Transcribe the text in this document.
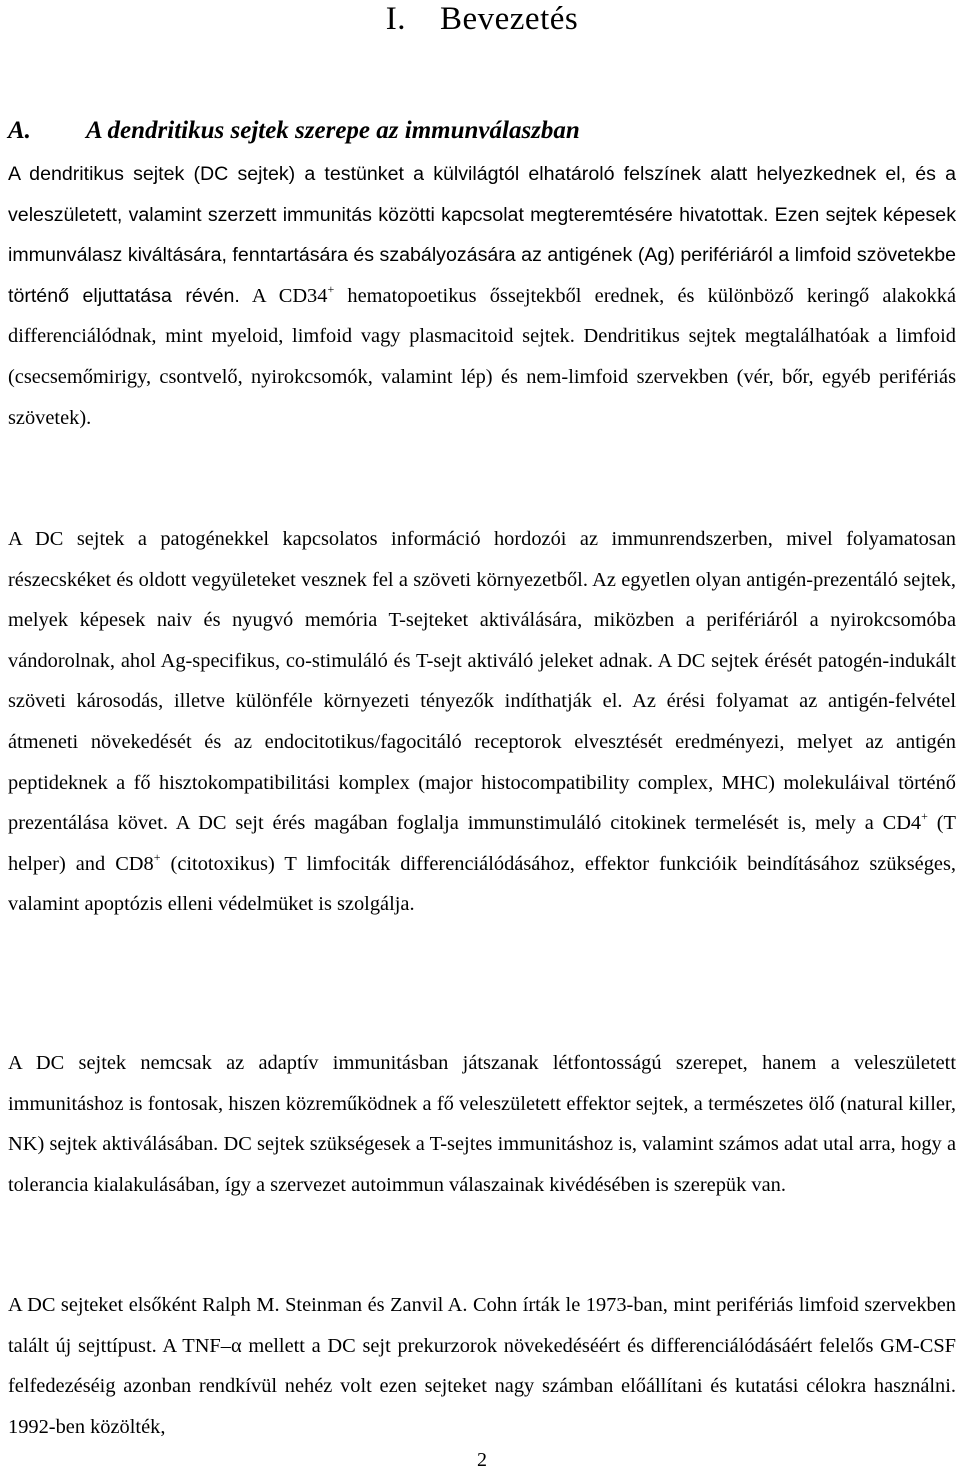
I. Bevezetés
A. A dendritikus sejtek szerepe az immunválaszban

A dendritikus sejtek (DC sejtek) a testünket a külvilágtól elhatároló felszínek alatt helyezkednek el, és a veleszületett, valamint szerzett immunitás közötti kapcsolat megteremtésére hivatottak. Ezen sejtek képesek immunválasz kiváltására, fenntartására és szabályozására az antigének (Ag) perifériáról a limfoid szövetekbe történő eljuttatása révén. A CD34+ hematopoetikus őssejtekből erednek, és különböző keringő alakokká differenciálódnak, mint myeloid, limfoid vagy plasmacitoid sejtek. Dendritikus sejtek megtalálhatóak a limfoid (csecsemőmirigy, csontvelő, nyirokcsomók, valamint lép) és nem-limfoid szervekben (vér, bőr, egyéb perifériás szövetek).

A DC sejtek a patogénekkel kapcsolatos információ hordozói az immunrendszerben, mivel folyamatosan részecskéket és oldott vegyületeket vesznek fel a szöveti környezetből. Az egyetlen olyan antigén-prezentáló sejtek, melyek képesek naiv és nyugvó memória T-sejteket aktiválására, miközben a perifériáról a nyirokcsomóba vándorolnak, ahol Ag-specifikus, co-stimuláló és T-sejt aktiváló jeleket adnak. A DC sejtek érését patogén-indukált szöveti károsodás, illetve különféle környezeti tényezők indíthatják el. Az érési folyamat az antigén-felvétel átmeneti növekedését és az endocitotikus/fagocitáló receptorok elvesztését eredményezi, melyet az antigén peptideknek a fő hisztokompatibilitási komplex (major histocompatibility complex, MHC) molekuláival történő prezentálása követ. A DC sejt érés magában foglalja immunstimuláló citokinek termelését is, mely a CD4+ (T helper) and CD8+ (citotoxikus) T limfociták differenciálódásához, effektor funkcióik beindításához szükséges, valamint apoptózis elleni védelmüket is szolgálja.

A DC sejtek nemcsak az adaptív immunitásban játszanak létfontosságú szerepet, hanem a veleszületett immunitáshoz is fontosak, hiszen közreműködnek a fő veleszületett effektor sejtek, a természetes ölő (natural killer, NK) sejtek aktiválásában. DC sejtek szükségesek a T-sejtes immunitáshoz is, valamint számos adat utal arra, hogy a tolerancia kialakulásában, így a szervezet autoimmun válaszainak kivédésében is szerepük van.

A DC sejteket elsőként Ralph M. Steinman és Zanvil A. Cohn írták le 1973-ban, mint perifériás limfoid szervekben talált új sejttípust. A TNF–α mellett a DC sejt prekurzorok növekedéséért és differenciálódásáért felelős GM-CSF felfedezéséig azonban rendkívül nehéz volt ezen sejteket nagy számban előállítani és kutatási célokra használni. 1992-ben közölték,

2
